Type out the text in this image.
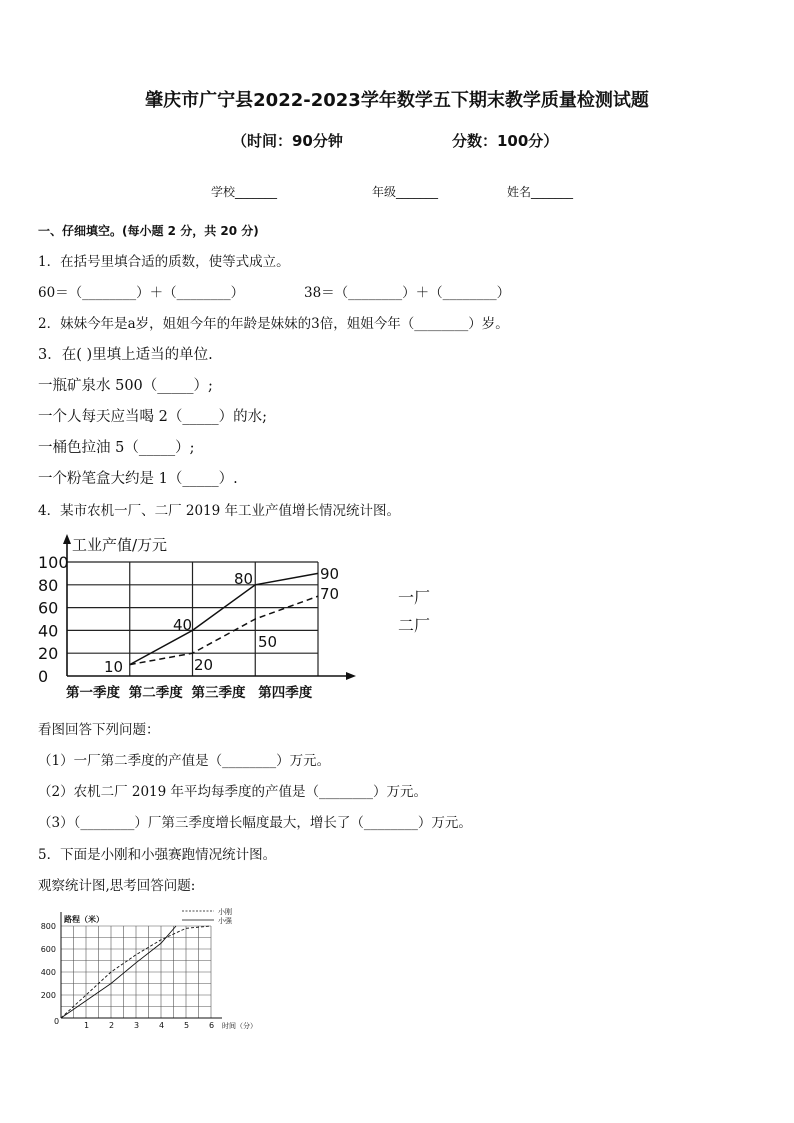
肇庆市广宁县2022-2023学年数学五下期末教学质量检测试题
（时间：90分钟	分数：100分）
学校_______	年级_______	姓名_______
一、仔细填空。(每小题 2 分，共 20 分)
1．在括号里填合适的质数，使等式成立。
60＝（________）＋（________）	38＝（________）＋（________）
2．妹妹今年是a岁，姐姐今年的年龄是妹妹的3倍，姐姐今年（________）岁。
3．在( )里填上适当的单位.
一瓶矿泉水 500（_____）;
一个人每天应当喝 2（_____）的水;
一桶色拉油 5（_____）;
一个粉笔盒大约是 1（_____）.
4．某市农机一厂、二厂 2019 年工业产值增长情况统计图。
工业产值/万元
0
20
40
60
80
100
第一季度 第二季度 第三季度 第四季度
10
40
80	90
20
50
70	一厂
二厂
看图回答下列问题：
（1）一厂第二季度的产值是（________）万元。
（2）农机二厂 2019 年平均每季度的产值是（________）万元。
（3）（________）厂第三季度增长幅度最大，增长了（________）万元。
5．下面是小刚和小强赛跑情况统计图。
观察统计图,思考回答问题:
路程（米）
时间（分）
200
400
600
800
0	1 2 3 4 5 6
小刚
小强
